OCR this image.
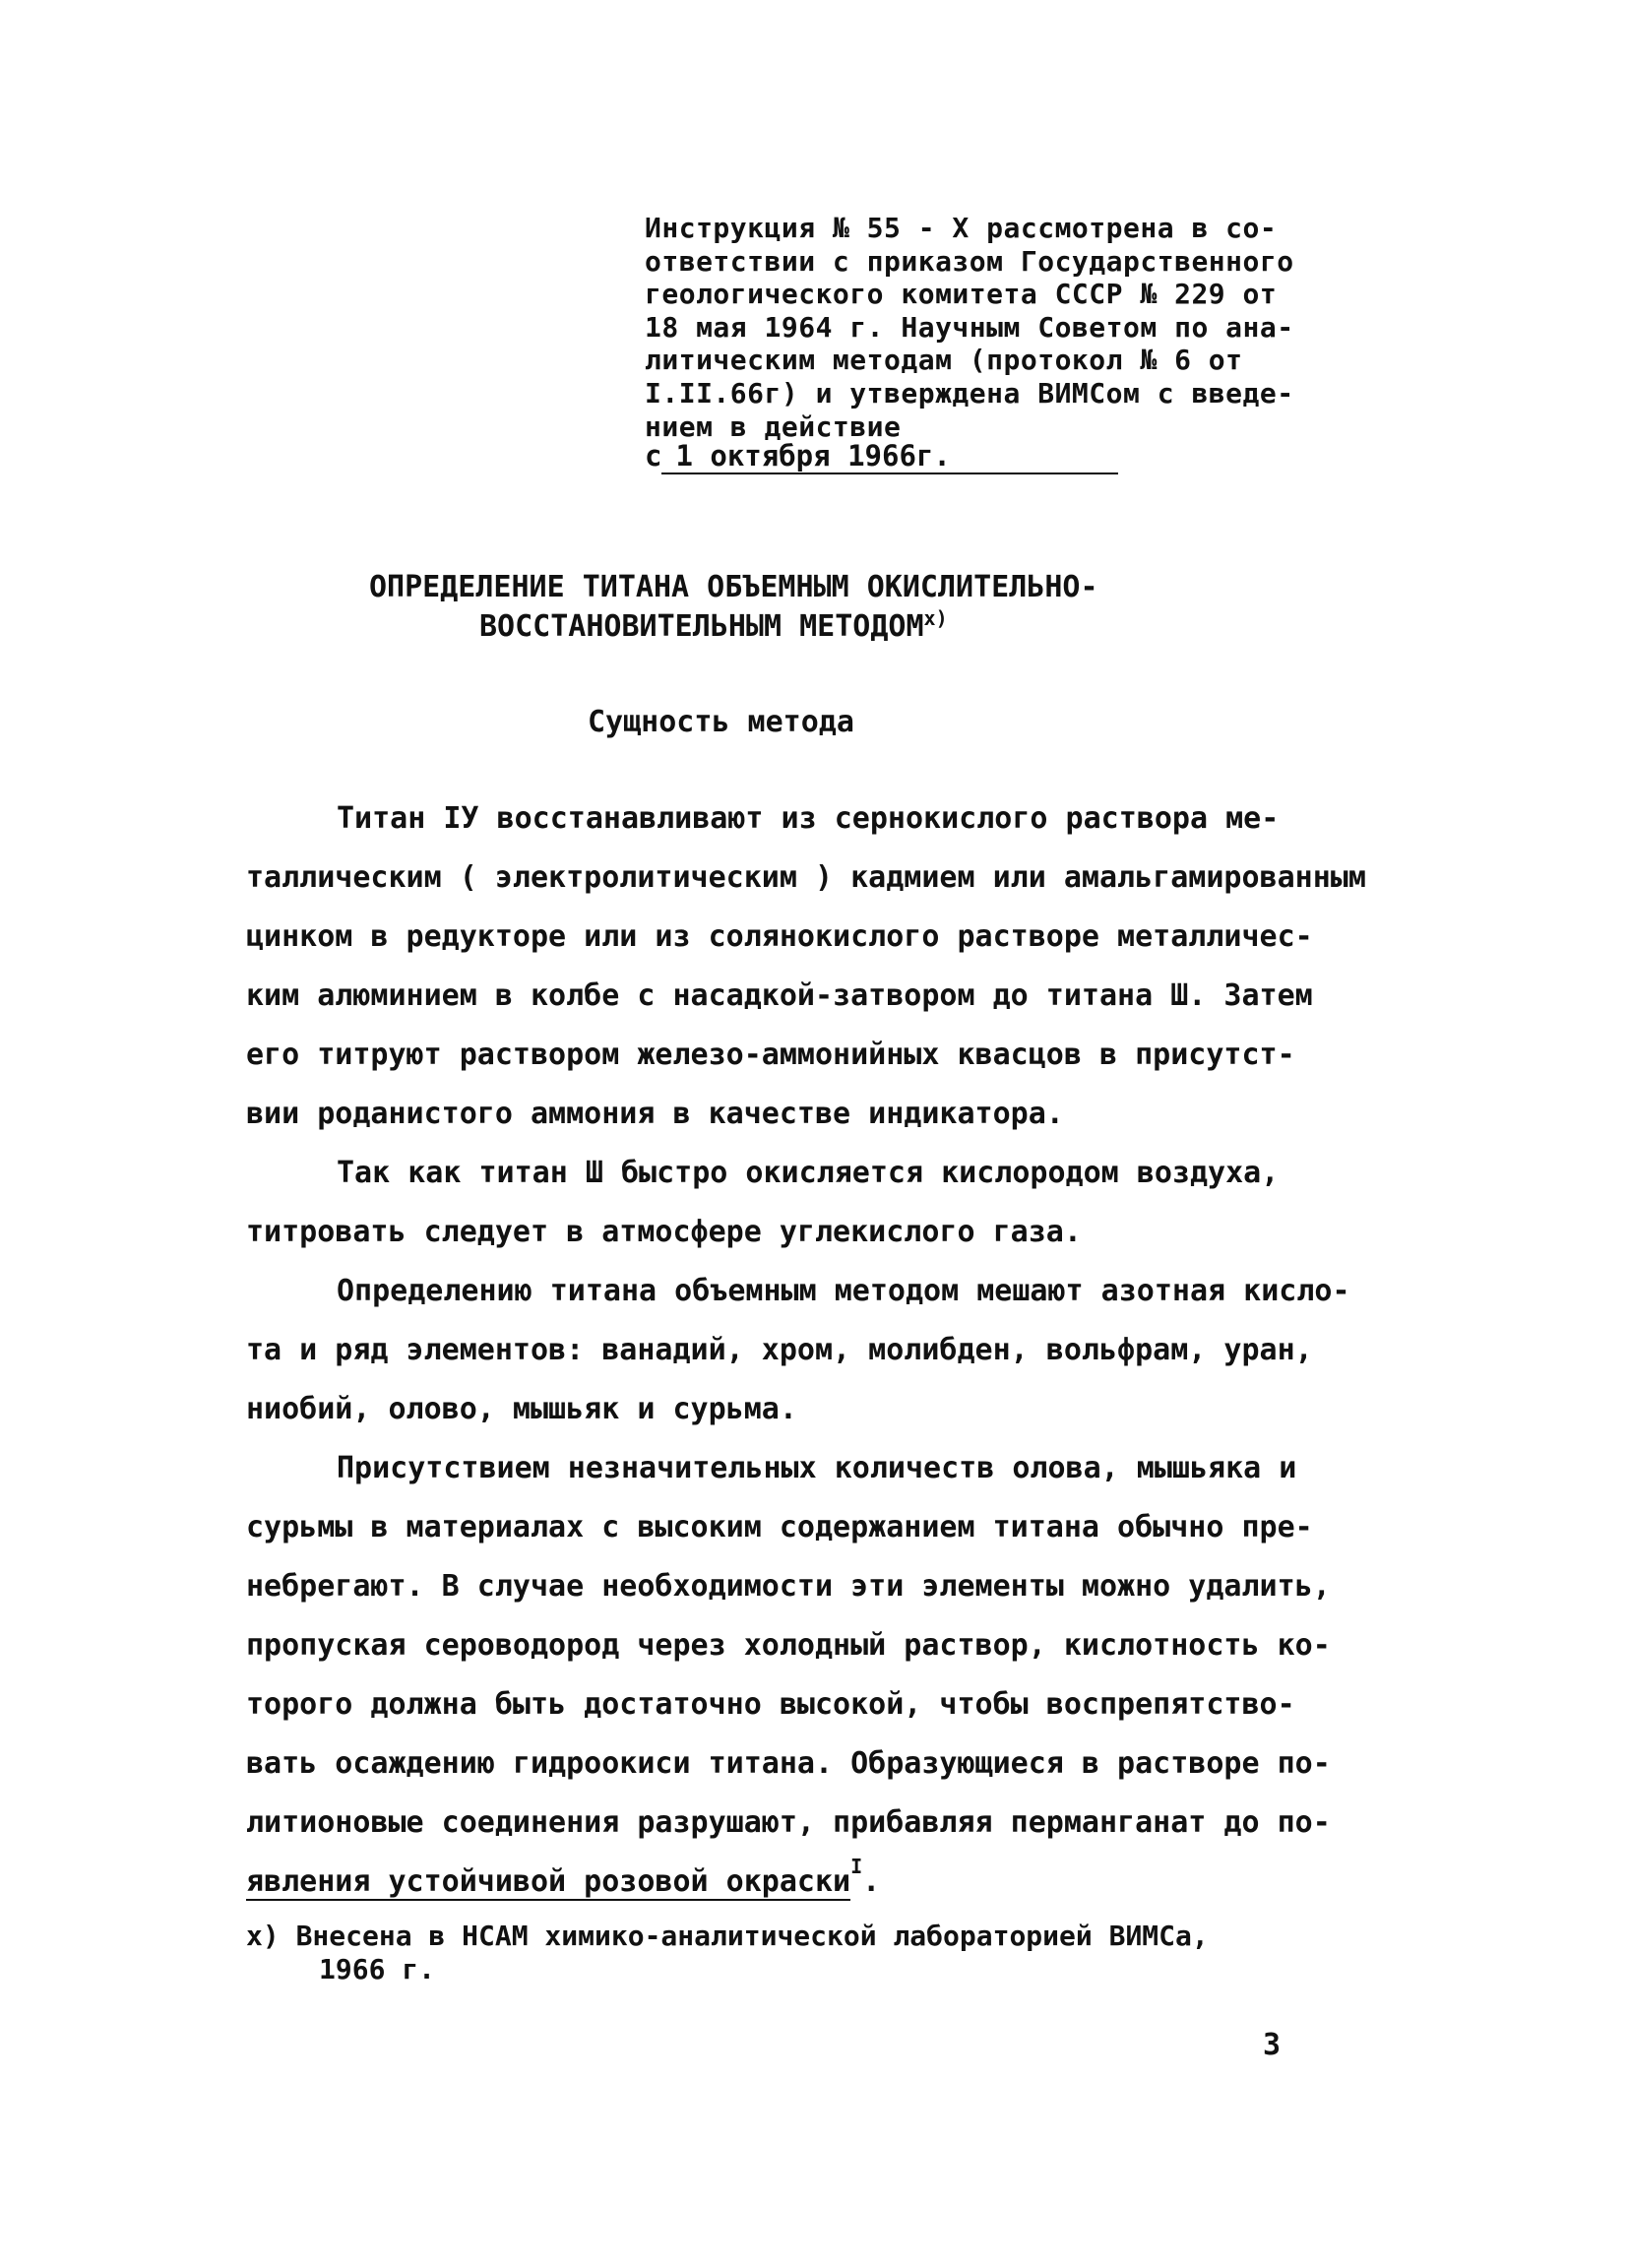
Инструкция № 55 - Х рассмотрена в со-
ответствии с приказом Государственного
геологического комитета СССР № 229 от
18 мая 1964 г. Научным Советом по ана-
литическим методам (протокол № 6 от
I.II.66г) и утверждена ВИМСом с введе-
нием в действие
с 1 октября 1966г.
ОПРЕДЕЛЕНИЕ ТИТАНА ОБЪЕМНЫМ ОКИСЛИТЕЛЬНО-
ВОССТАНОВИТЕЛЬНЫМ $МЕТОДОМ^{х)}$
Сущность метода
Титан IУ восстанавливают из сернокислого раствора ме-
таллическим ( электролитическим ) кадмием или амальгамированным
цинком в редукторе или из солянокислого растворе металличес-
ким алюминием в колбе с насадкой-затвором до титана Ш. Затем
его титруют раствором железо-аммонийных квасцов в присутст-
вии роданистого аммония в качестве индикатора.
Так как титан Ш быстро окисляется кислородом воздуха,
титровать следует в атмосфере углекислого газа.
Определению титана объемным методом мешают азотная кисло-
та и ряд элементов: ванадий, хром, молибден, вольфрам, уран,
ниобий, олово, мышьяк и сурьма.
Присутствием незначительных количеств олова, мышьяка и
сурьмы в материалах с высоким содержанием титана обычно пре-
небрегают. В случае необходимости эти элементы можно удалить,
пропуская сероводород через холодный раствор, кислотность ко-
торого должна быть достаточно высокой, чтобы воспрепятство-
вать осаждению гидроокиси титана. Образующиеся в растворе по-
литионовые соединения разрушают, прибавляя перманганат до по-
явления устойчивой розовой окраски$^I$.
х) Внесена в НСАМ химико-аналитической лабораторией ВИМСа,
1966 г.
3
